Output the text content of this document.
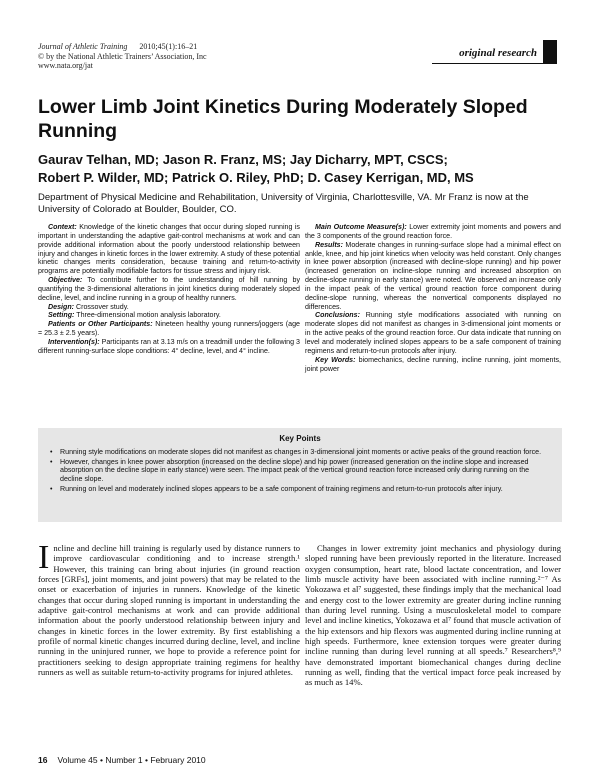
Journal of Athletic Training 2010;45(1):16–21
© by the National Athletic Trainers’ Association, Inc
www.nata.org/jat
original research
Lower Limb Joint Kinetics During Moderately Sloped Running
Gaurav Telhan, MD; Jason R. Franz, MS; Jay Dicharry, MPT, CSCS;
Robert P. Wilder, MD; Patrick O. Riley, PhD; D. Casey Kerrigan, MD, MS
Department of Physical Medicine and Rehabilitation, University of Virginia, Charlottesville, VA. Mr Franz is now at the University of Colorado at Boulder, Boulder, CO.

Context: Knowledge of the kinetic changes that occur during sloped running is important in understanding the adaptive gait-control mechanisms at work and can provide additional information about the poorly understood relationship between injury and changes in kinetic forces in the lower extremity. A study of these potential kinetic changes merits consideration, because training and return-to-activity programs are potentially modifiable factors for tissue stress and injury risk.

Objective: To contribute further to the understanding of hill running by quantifying the 3-dimensional alterations in joint kinetics during moderately sloped decline, level, and incline running in a group of healthy runners.

Design: Crossover study.

Setting: Three-dimensional motion analysis laboratory.

Patients or Other Participants: Nineteen healthy young runners/joggers (age = 25.3 ± 2.5 years).

Intervention(s): Participants ran at 3.13 m/s on a treadmill under the following 3 different running-surface slope conditions: 4° decline, level, and 4° incline.

Main Outcome Measure(s): Lower extremity joint moments and powers and the 3 components of the ground reaction force.

Results: Moderate changes in running-surface slope had a minimal effect on ankle, knee, and hip joint kinetics when velocity was held constant. Only changes in knee power absorption (increased with decline-slope running) and hip power (increased generation on incline-slope running and increased absorption on decline-slope running in early stance) were noted. We observed an increase only in the impact peak of the vertical ground reaction force component during decline-slope running, whereas the nonvertical components displayed no differences.

Conclusions: Running style modifications associated with running on moderate slopes did not manifest as changes in 3-dimensional joint moments or in the active peaks of the ground reaction force. Our data indicate that running on level and moderately inclined slopes appears to be a safe component of training regimens and return-to-run protocols after injury.

Key Words: biomechanics, decline running, incline running, joint moments, joint power

Key Points
• Running style modifications on moderate slopes did not manifest as changes in 3-dimensional joint moments or active peaks of the ground reaction force.
• However, changes in knee power absorption (increased on the decline slope) and hip power (increased generation on the incline slope and increased absorption on the decline slope in early stance) were seen. The impact peak of the vertical ground reaction force increased only during running on the decline slope.
• Running on level and moderately inclined slopes appears to be a safe component of training regimens and return-to-run protocols after injury.

Incline and decline hill training is regularly used by distance runners to improve cardiovascular conditioning and to increase strength.¹ However, this training can bring about injuries (in ground reaction forces [GRFs], joint moments, and joint powers) that may be related to the onset or exacerbation of injuries in runners. Knowledge of the kinetic changes that occur during sloped running is important in understanding the adaptive gait-control mechanisms at work and can provide additional information about the poorly understood relationship between injury and changes in kinetic forces in the lower extremity. By first establishing a profile of normal kinetic changes incurred during decline, level, and incline running in the uninjured runner, we hope to provide a reference point for practitioners seeking to design appropriate training regimens for healthy runners as well as suitable return-to-activity programs for injured athletes.

Changes in lower extremity joint mechanics and physiology during sloped running have been previously reported in the literature. Increased oxygen consumption, heart rate, blood lactate concentration, and lower limb muscle activity have been associated with incline running.²⁻⁷ As Yokozawa et al⁷ suggested, these findings imply that the mechanical load and energy cost to the lower extremity are greater during incline running than during level running. Using a musculoskeletal model to compare level and incline kinetics, Yokozawa et al⁷ found that muscle activation of the hip extensors and hip flexors was augmented during incline running at high speeds. Furthermore, knee extension torques were greater during incline running than during level running at all speeds.⁷ Researchers⁸,⁹ have demonstrated important biomechanical changes during decline running as well, finding that the vertical impact force peak increased by as much as 14%.

16 Volume 45 • Number 1 • February 2010
